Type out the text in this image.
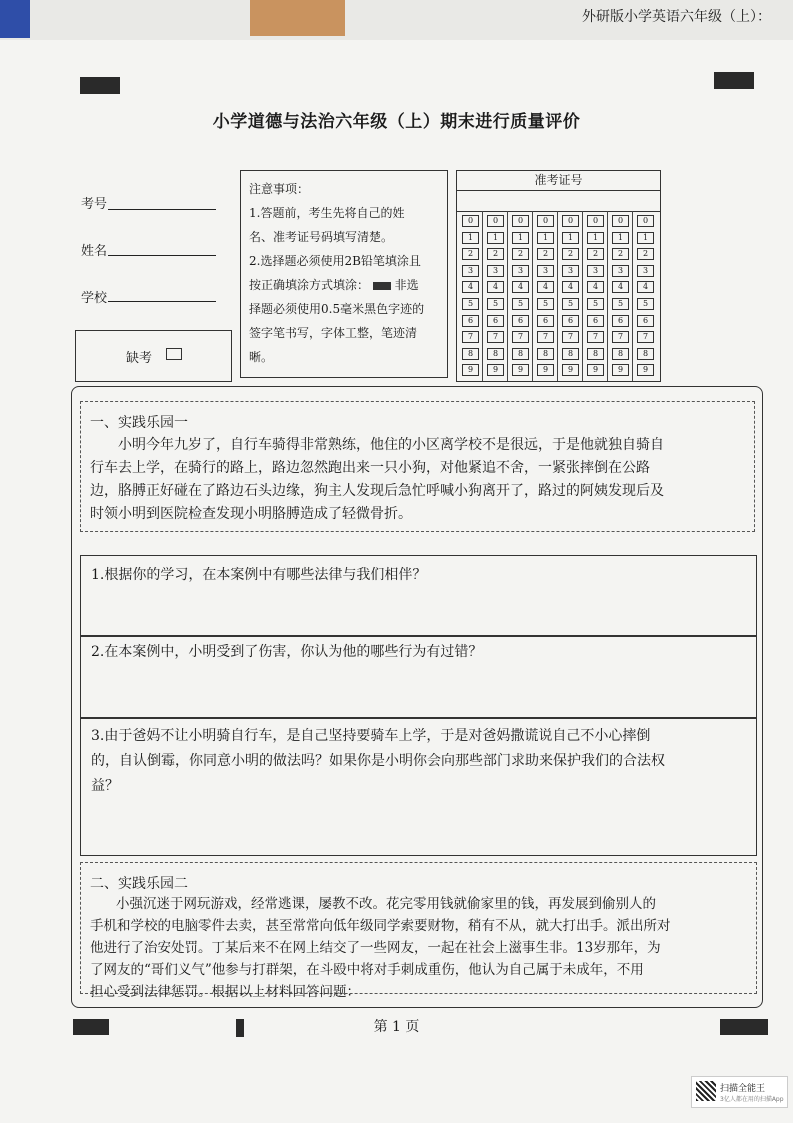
外研版小学英语六年级（上）：
小学道德与法治六年级（上）期末进行质量评价
考号
姓名
学校
缺考

注意事项：

1.答题前，考生先将自己的姓

名、准考证号码填写清楚。

2.选择题必须使用2B铅笔填涂且

按正确填涂方式填涂： 非选

择题必须使用0.5毫米黑色字迹的

签字笔书写，字体工整，笔迹清

晰。

准考证号
0
1
2
3
4
5
6
7
8
9
0
1
2
3
4
5
6
7
8
9
0
1
2
3
4
5
6
7
8
9
0
1
2
3
4
5
6
7
8
9
0
1
2
3
4
5
6
7
8
9
0
1
2
3
4
5
6
7
8
9
0
1
2
3
4
5
6
7
8
9
0
1
2
3
4
5
6
7
8
9
一、实践乐园一
小明今年九岁了，自行车骑得非常熟练，他住的小区离学校不是很远，于是他就独自骑自
行车去上学，在骑行的路上，路边忽然跑出来一只小狗，对他紧追不舍，一紧张摔倒在公路
边，胳膊正好碰在了路边石头边缘，狗主人发现后急忙呼喊小狗离开了，路过的阿姨发现后及
时领小明到医院检查发现小明胳膊造成了轻微骨折。
1.根据你的学习，在本案例中有哪些法律与我们相伴？
2.在本案例中，小明受到了伤害，你认为他的哪些行为有过错？
3.由于爸妈不让小明骑自行车，是自己坚持要骑车上学，于是对爸妈撒谎说自己不小心摔倒
的，自认倒霉，你同意小明的做法吗？如果你是小明你会向那些部门求助来保护我们的合法权
益？
二、实践乐园二
小强沉迷于网玩游戏，经常逃课，屡教不改。花完零用钱就偷家里的钱，再发展到偷别人的
手机和学校的电脑零件去卖，甚至常常向低年级同学索要财物，稍有不从，就大打出手。派出所对
他进行了治安处罚。丁某后来不在网上结交了一些网友，一起在社会上滋事生非。13岁那年，为
了网友的“哥们义气”他参与打群架，在斗殴中将对手刺成重伤，他认为自己属于未成年，不用
担心受到法律惩罚。根据以上材料回答问题：
第 1 页
扫描全能王
3亿人都在用的扫描App
